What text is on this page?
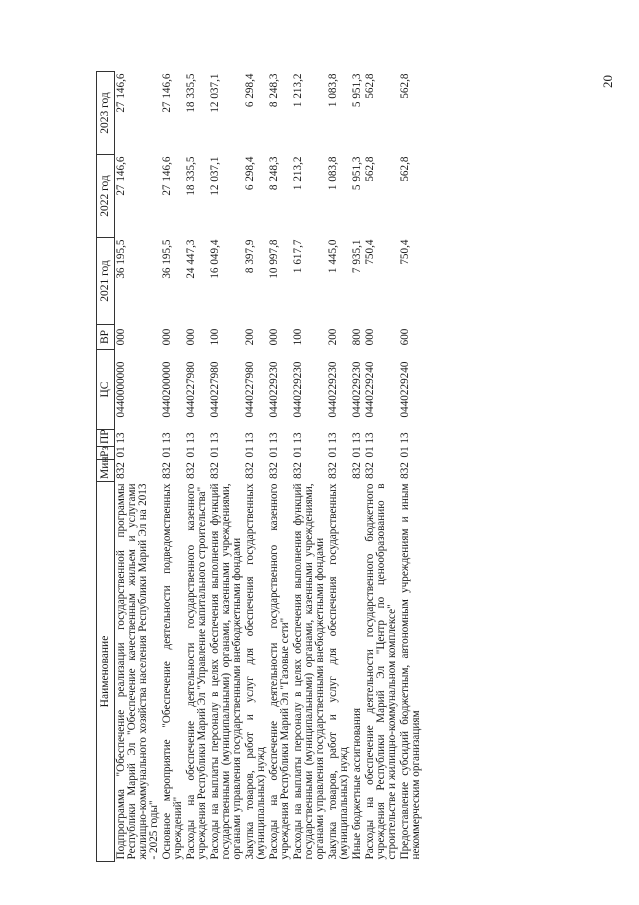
20
Наименование	Мин	Рз	ПР	ЦС	ВР	2021 год	2022 год	2023 год
Подпрограмма "Обеспечение реализации государственной программы Республики Марий Эл "Обеспечение качественным жильем и услугами жилищно-коммунального хозяйства населения Республики Марий Эл на 2013 - 2025 годы"	832	01	13	0440000000	000	36 195,5	27 146,6	27 146,6
Основное мероприятие "Обеспечение деятельности подведомственных учреждений"	832	01	13	0440200000	000	36 195,5	27 146,6	27 146,6
Расходы на обеспечение деятельности государственного казенного учреждения Республики Марий Эл "Управление капитального строительства"	832	01	13	0440227980	000	24 447,3	18 335,5	18 335,5
Расходы на выплаты персоналу в целях обеспечения выполнения функций государственными (муниципальными) органами, казенными учреждениями, органами управления государственными внебюджетными фондами	832	01	13	0440227980	100	16 049,4	12 037,1	12 037,1
Закупка товаров, работ и услуг для обеспечения государственных (муниципальных) нужд	832	01	13	0440227980	200	8 397,9	6 298,4	6 298,4
Расходы на обеспечение деятельности государственного казенного учреждения Республики Марий Эл "Газовые сети"	832	01	13	0440229230	000	10 997,8	8 248,3	8 248,3
Расходы на выплаты персоналу в целях обеспечения выполнения функций государственными (муниципальными) органами, казенными учреждениями, органами управления государственными внебюджетными фондами	832	01	13	0440229230	100	1 617,7	1 213,2	1 213,2
Закупка товаров, работ и услуг для обеспечения государственных (муниципальных) нужд	832	01	13	0440229230	200	1 445,0	1 083,8	1 083,8
Иные бюджетные ассигнования	832	01	13	0440229230	800	7 935,1	5 951,3	5 951,3
Расходы на обеспечение деятельности государственного бюджетного учреждения Республики Марий Эл "Центр по ценообразованию в строительстве и жилищно-коммунальном комплексе"	832	01	13	0440229240	000	750,4	562,8	562,8
Предоставление субсидий бюджетным, автономным учреждениям и иным некоммерческим организациям	832	01	13	0440229240	600	750,4	562,8	562,8
